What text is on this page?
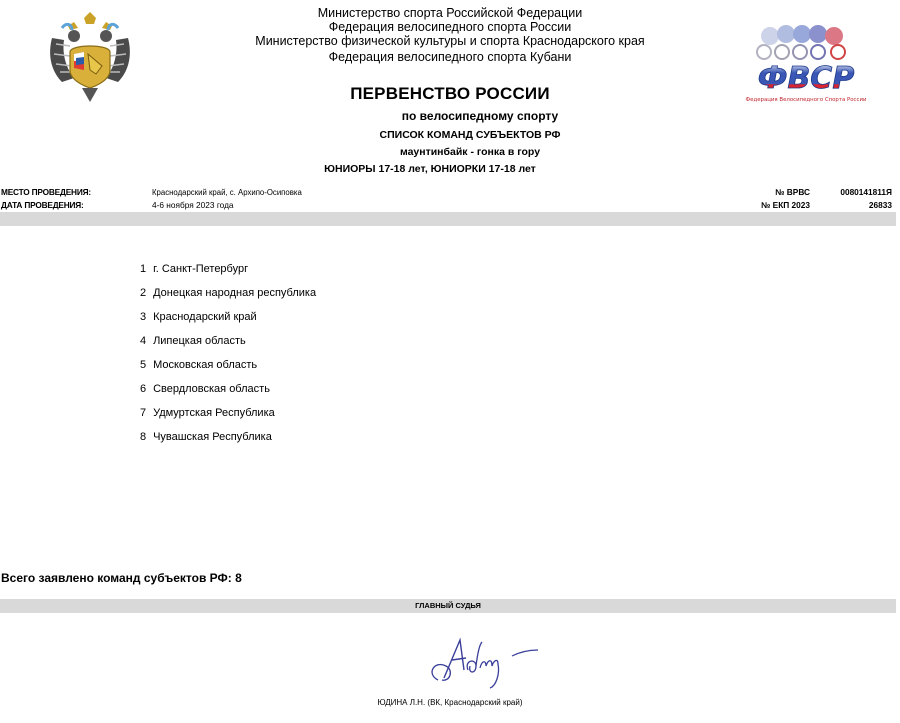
Министерство спорта Российской Федерации
Федерация велосипедного спорта России
Министерство физической культуры и спорта Краснодарского края
Федерация велосипедного спорта Кубани
ФВСР
Федерация Велосипедного Спорта России
ПЕРВЕНСТВО РОССИИ
по велосипедному спорту
СПИСОК КОМАНД СУБЪЕКТОВ РФ
маунтинбайк - гонка в гору
ЮНИОРЫ 17-18 лет, ЮНИОРКИ 17-18 лет
МЕСТО ПРОВЕДЕНИЯ:	Краснодарский край, с. Архипо-Осиповка
ДАТА ПРОВЕДЕНИЯ:	4-6 ноября 2023 года
№ ВРВС	0080141811Я
№ ЕКП 2023	26833
1 г. Санкт-Петербург
2 Донецкая народная республика
3 Краснодарский край
4 Липецкая область
5 Московская область
6 Свердловская область
7 Удмуртская Республика
8 Чувашская Республика
Всего заявлено команд субъектов РФ: 8
ГЛАВНЫЙ СУДЬЯ
ЮДИНА Л.Н. (ВК, Краснодарский край)
